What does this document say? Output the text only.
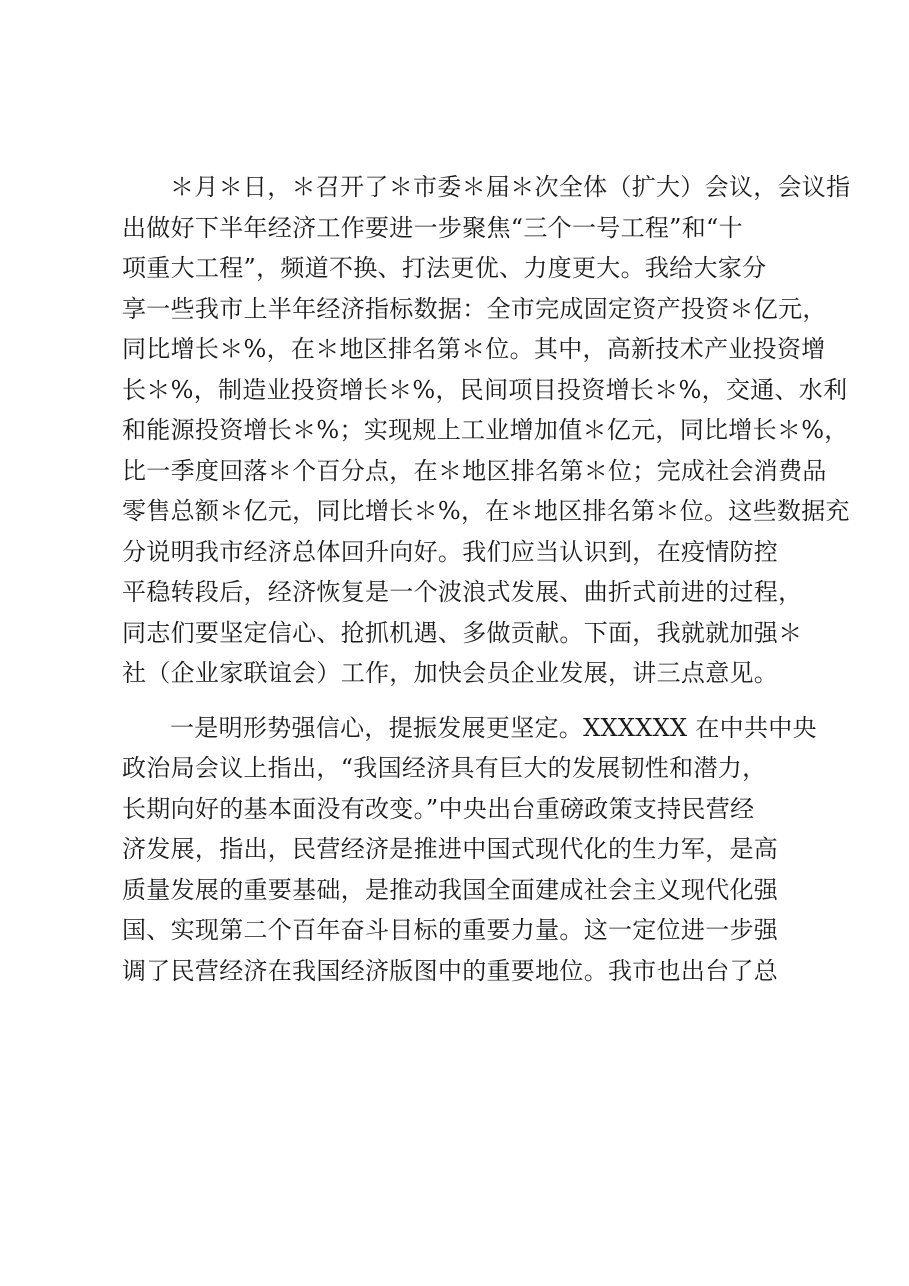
＊月＊日，＊召开了＊市委＊届＊次全体（扩大）会议，会议指
出做好下半年经济工作要进一步聚焦“三个一号工程”和“十
项重大工程”，频道不换、打法更优、力度更大。我给大家分
享一些我市上半年经济指标数据：全市完成固定资产投资＊亿元，
同比增长＊%，在＊地区排名第＊位。其中，高新技术产业投资增
长＊%，制造业投资增长＊%，民间项目投资增长＊%，交通、水利
和能源投资增长＊%；实现规上工业增加值＊亿元，同比增长＊%，
比一季度回落＊个百分点，在＊地区排名第＊位；完成社会消费品
零售总额＊亿元，同比增长＊%，在＊地区排名第＊位。这些数据充
分说明我市经济总体回升向好。我们应当认识到，在疫情防控
平稳转段后，经济恢复是一个波浪式发展、曲折式前进的过程，
同志们要坚定信心、抢抓机遇、多做贡献。下面，我就就加强＊
社（企业家联谊会）工作，加快会员企业发展，讲三点意见。

一是明形势强信心，提振发展更坚定。XXXXXX 在中共中央
政治局会议上指出，“我国经济具有巨大的发展韧性和潜力，
长期向好的基本面没有改变。”中央出台重磅政策支持民营经
济发展，指出，民营经济是推进中国式现代化的生力军，是高
质量发展的重要基础，是推动我国全面建成社会主义现代化强
国、实现第二个百年奋斗目标的重要力量。这一定位进一步强
调了民营经济在我国经济版图中的重要地位。我市也出台了总
